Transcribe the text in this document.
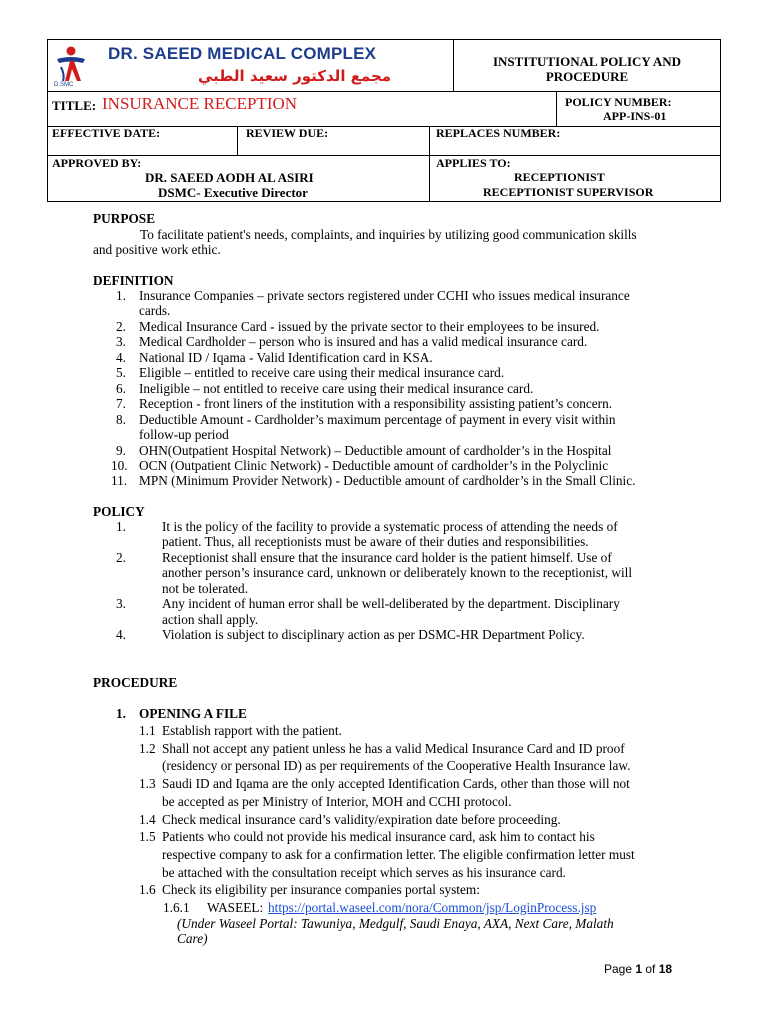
D.SMC
DR. SAEED MEDICAL COMPLEX
مجمع الدكتور سعيد الطبي
INSTITUTIONAL POLICY AND PROCEDURE
TITLE: INSURANCE RECEPTION	POLICY NUMBER:
APP-INS-01
EFFECTIVE DATE:	REVIEW DUE:	REPLACES NUMBER:
APPROVED BY:
DR. SAEED AODH AL ASIRI
DSMC- Executive Director
APPLIES TO:
RECEPTIONIST
RECEPTIONIST SUPERVISOR
PURPOSE
To facilitate patient's needs, complaints, and inquiries by utilizing good communication skills
and positive work ethic.
DEFINITION
1. Insurance Companies – private sectors registered under CCHI who issues medical insurance
cards.
2. Medical Insurance Card - issued by the private sector to their employees to be insured.
3. Medical Cardholder – person who is insured and has a valid medical insurance card.
4. National ID / Iqama - Valid Identification card in KSA.
5. Eligible – entitled to receive care using their medical insurance card.
6. Ineligible – not entitled to receive care using their medical insurance card.
7. Reception - front liners of the institution with a responsibility assisting patient’s concern.
8. Deductible Amount - Cardholder’s maximum percentage of payment in every visit within
follow-up period
9. OHN(Outpatient Hospital Network) – Deductible amount of cardholder’s in the Hospital
10. OCN (Outpatient Clinic Network) - Deductible amount of cardholder’s in the Polyclinic
11. MPN (Minimum Provider Network) - Deductible amount of cardholder’s in the Small Clinic.
POLICY
1.	It is the policy of the facility to provide a systematic process of attending the needs of
patient. Thus, all receptionists must be aware of their duties and responsibilities.
2.	Receptionist shall ensure that the insurance card holder is the patient himself. Use of
another person’s insurance card, unknown or deliberately known to the receptionist, will
not be tolerated.
3.	Any incident of human error shall be well-deliberated by the department. Disciplinary
action shall apply.
4.	Violation is subject to disciplinary action as per DSMC-HR Department Policy.
PROCEDURE
1. OPENING A FILE
1.1 Establish rapport with the patient.
1.2 Shall not accept any patient unless he has a valid Medical Insurance Card and ID proof
(residency or personal ID) as per requirements of the Cooperative Health Insurance law.
1.3 Saudi ID and Iqama are the only accepted Identification Cards, other than those will not
be accepted as per Ministry of Interior, MOH and CCHI protocol.
1.4 Check medical insurance card’s validity/expiration date before proceeding.
1.5 Patients who could not provide his medical insurance card, ask him to contact his
respective company to ask for a confirmation letter. The eligible confirmation letter must
be attached with the consultation receipt which serves as his insurance card.
1.6 Check its eligibility per insurance companies portal system:
1.6.1 WASEEL: https://portal.waseel.com/nora/Common/jsp/LoginProcess.jsp
(Under Waseel Portal: Tawuniya, Medgulf, Saudi Enaya, AXA, Next Care, Malath
Care)
Page 1 of 18
